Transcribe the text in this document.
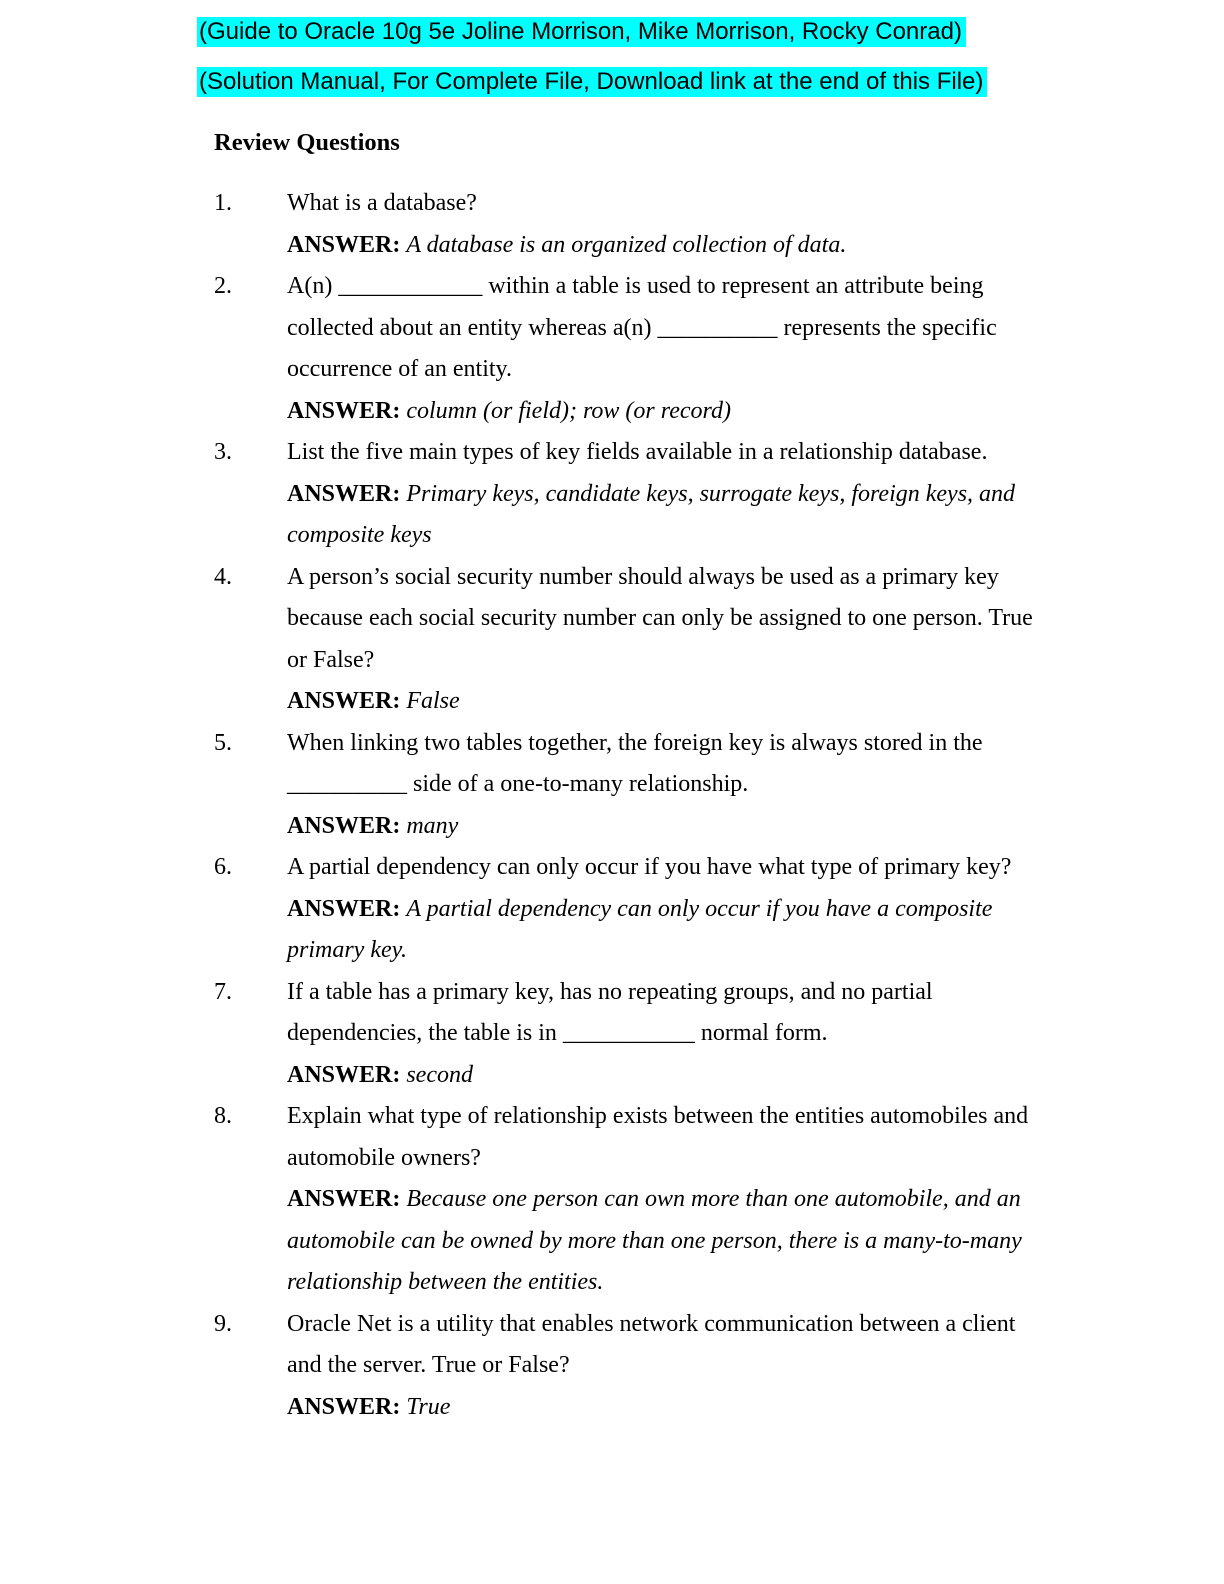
(Guide to Oracle 10g 5e Joline Morrison, Mike Morrison, Rocky Conrad)

(Solution Manual, For Complete File, Download link at the end of this File)

Review Questions
1.	What is a database?

ANSWER: A database is an organized collection of data.

2.	A(n) ____________ within a table is used to represent an attribute being collected about an entity whereas a(n) __________ represents the specific occurrence of an entity.

ANSWER: column (or field); row (or record)

3.	List the five main types of key fields available in a relationship database.

ANSWER: Primary keys, candidate keys, surrogate keys, foreign keys, and composite keys

4.	A person’s social security number should always be used as a primary key because each social security number can only be assigned to one person. True or False?

ANSWER: False

5.	When linking two tables together, the foreign key is always stored in the __________ side of a one-to-many relationship.

ANSWER: many

6.	A partial dependency can only occur if you have what type of primary key?

ANSWER: A partial dependency can only occur if you have a composite primary key.

7.	If a table has a primary key, has no repeating groups, and no partial dependencies, the table is in ___________ normal form.

ANSWER: second

8.	Explain what type of relationship exists between the entities automobiles and automobile owners?

ANSWER: Because one person can own more than one automobile, and an automobile can be owned by more than one person, there is a many-to-many relationship between the entities.

9.	Oracle Net is a utility that enables network communication between a client and the server. True or False?

ANSWER: True
